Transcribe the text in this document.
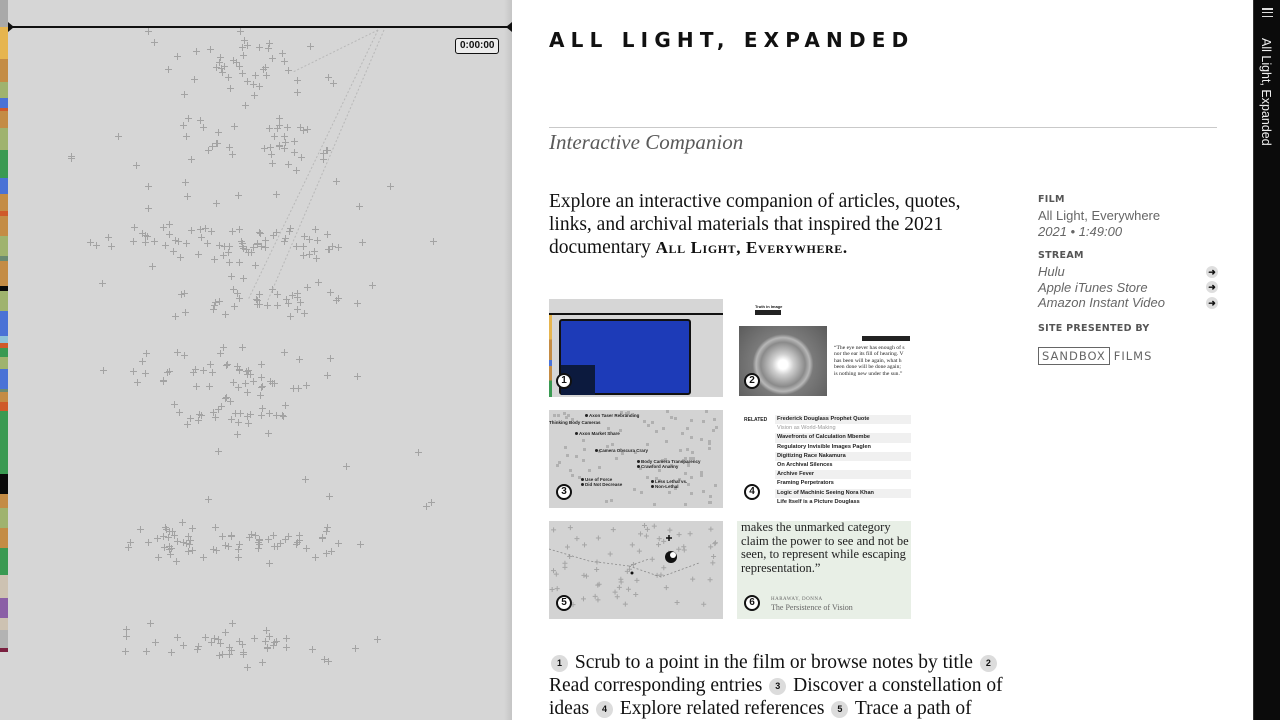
0:00:00	ALL LIGHT, EXPANDED
Interactive Companion

Explore an interactive companion of articles, quotes, links, and archival materials that inspired the 2021 documentary All Light, Everywhere.

1
Truth in Image
“The eye never has enough of s
nor the ear its fill of hearing. V
has been will be again, what h
been done will be done again;
is nothing new under the sun.”
2
Axon Taser Rebranding
Thinking Body Cameras
Axon Market Share
Camera Obscura Crary
Body Camera Transparency
Crawford Ananny
Use of Force
Did Not Decrease
Less Lethal vs.
Non-Lethal
3
RELATED	Frederick Douglass Prophet Quote
Vision as World-Making
Wavefronts of Calculation Mbembe
Regulatory Invisible Images Paglen
Digitizing Race Nakamura
On Archival Silences
Archive Fever
Framing Perpetrators
Logic of Machinic Seeing Nora Khan
Life Itself is a Picture Douglass
4
5
makes the unmarked category claim the power to see and not be seen, to represent while escaping representation.”
HARAWAY, DONNA
The Persistence of Vision
6

1 Scrub to a point in the film or browse notes by title 2 Read corresponding entries 3 Discover a constellation of ideas 4 Explore related references 5 Trace a path of

FILM
All Light, Everywhere
2021 • 1:49:00
STREAM
Hulu	➜
Apple iTunes Store	➜
Amazon Instant Video	➜
SITE PRESENTED BY
SANDBOX FILMS
All Light, Expanded
